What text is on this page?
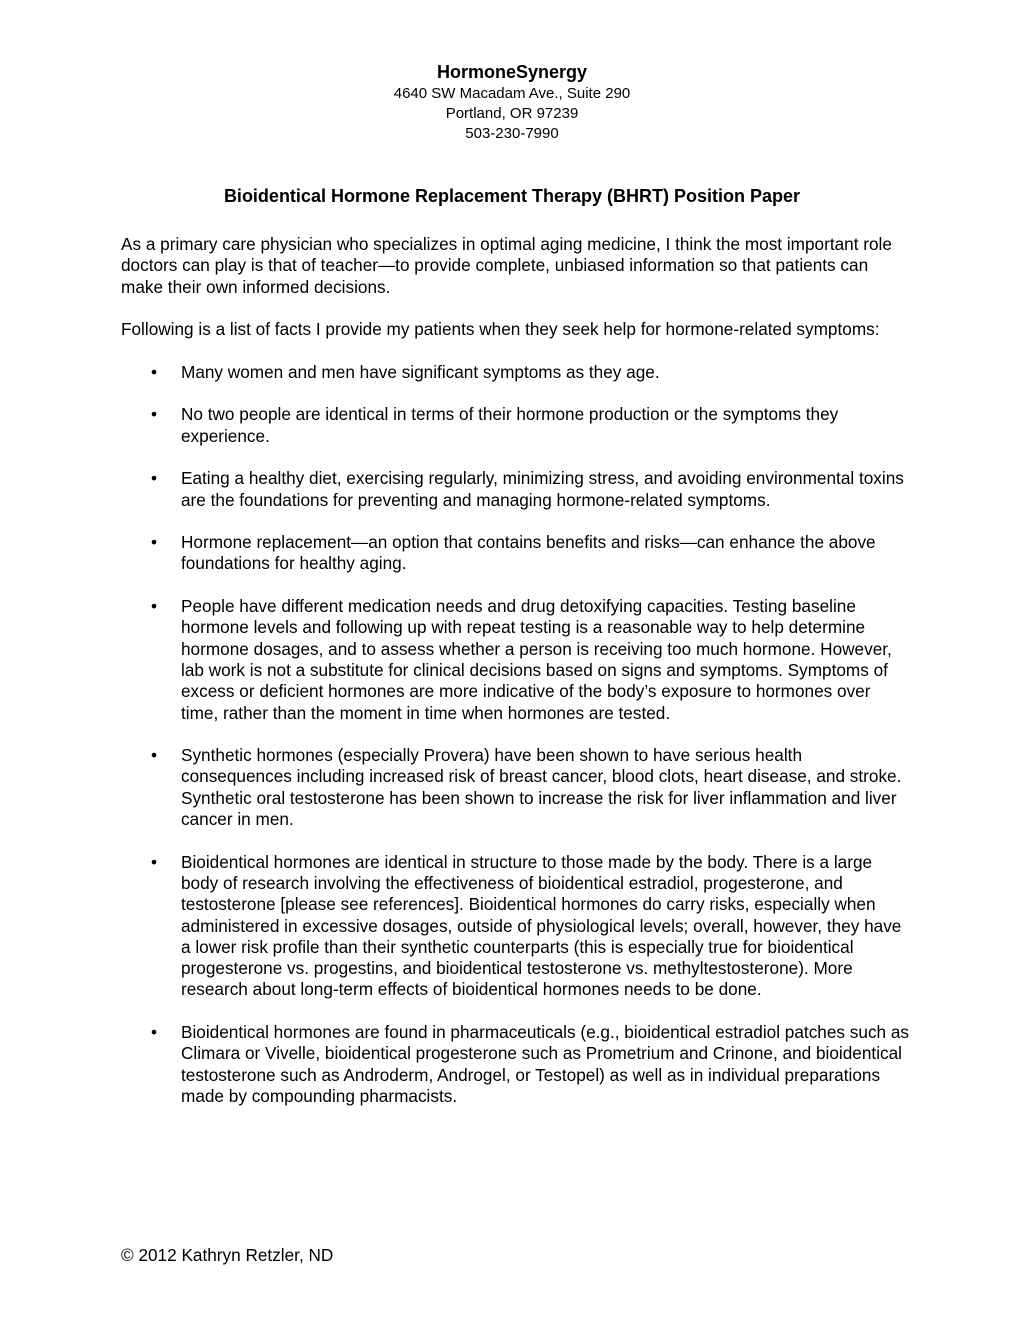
HormoneSynergy
4640 SW Macadam Ave., Suite 290
Portland, OR 97239
503-230-7990
Bioidentical Hormone Replacement Therapy (BHRT) Position Paper

As a primary care physician who specializes in optimal aging medicine, I think the most important role doctors can play is that of teacher—to provide complete, unbiased information so that patients can make their own informed decisions.

Following is a list of facts I provide my patients when they seek help for hormone-related symptoms:

• Many women and men have significant symptoms as they age.
• No two people are identical in terms of their hormone production or the symptoms they experience.
• Eating a healthy diet, exercising regularly, minimizing stress, and avoiding environmental toxins are the foundations for preventing and managing hormone-related symptoms.
• Hormone replacement—an option that contains benefits and risks—can enhance the above foundations for healthy aging.
• People have different medication needs and drug detoxifying capacities. Testing baseline hormone levels and following up with repeat testing is a reasonable way to help determine hormone dosages, and to assess whether a person is receiving too much hormone. However, lab work is not a substitute for clinical decisions based on signs and symptoms. Symptoms of excess or deficient hormones are more indicative of the body’s exposure to hormones over time, rather than the moment in time when hormones are tested.
• Synthetic hormones (especially Provera) have been shown to have serious health consequences including increased risk of breast cancer, blood clots, heart disease, and stroke. Synthetic oral testosterone has been shown to increase the risk for liver inflammation and liver cancer in men.
• Bioidentical hormones are identical in structure to those made by the body. There is a large body of research involving the effectiveness of bioidentical estradiol, progesterone, and testosterone [please see references]. Bioidentical hormones do carry risks, especially when administered in excessive dosages, outside of physiological levels; overall, however, they have a lower risk profile than their synthetic counterparts (this is especially true for bioidentical progesterone vs. progestins, and bioidentical testosterone vs. methyltestosterone). More research about long-term effects of bioidentical hormones needs to be done.
• Bioidentical hormones are found in pharmaceuticals (e.g., bioidentical estradiol patches such as Climara or Vivelle, bioidentical progesterone such as Prometrium and Crinone, and bioidentical testosterone such as Androderm, Androgel, or Testopel) as well as in individual preparations made by compounding pharmacists.
© 2012 Kathryn Retzler, ND
